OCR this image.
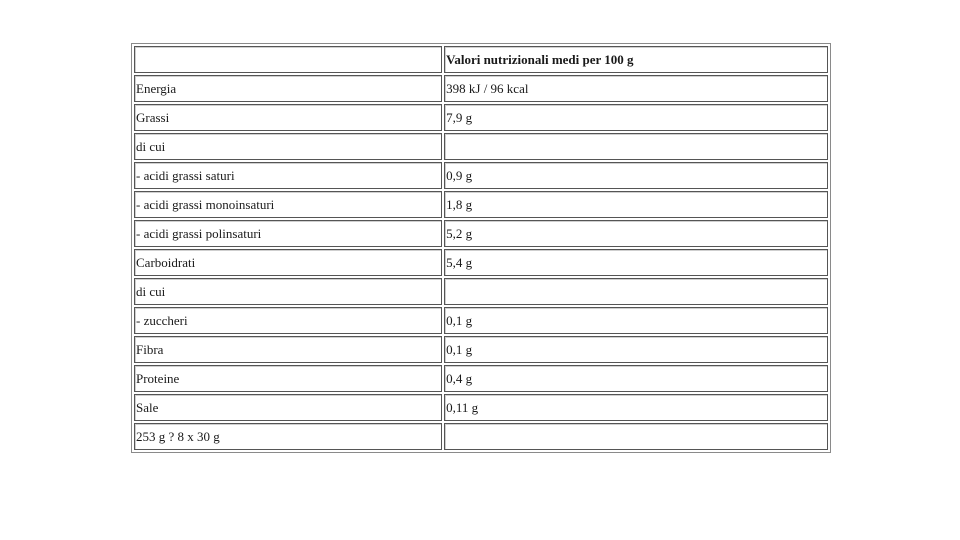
	Valori nutrizionali medi per 100 g
Energia	398 kJ / 96 kcal
Grassi	7,9 g
di cui	
- acidi grassi saturi	0,9 g
- acidi grassi monoinsaturi	1,8 g
- acidi grassi polinsaturi	5,2 g
Carboidrati	5,4 g
di cui	
- zuccheri	0,1 g
Fibra	0,1 g
Proteine	0,4 g
Sale	0,11 g
253 g ? 8 x 30 g	
